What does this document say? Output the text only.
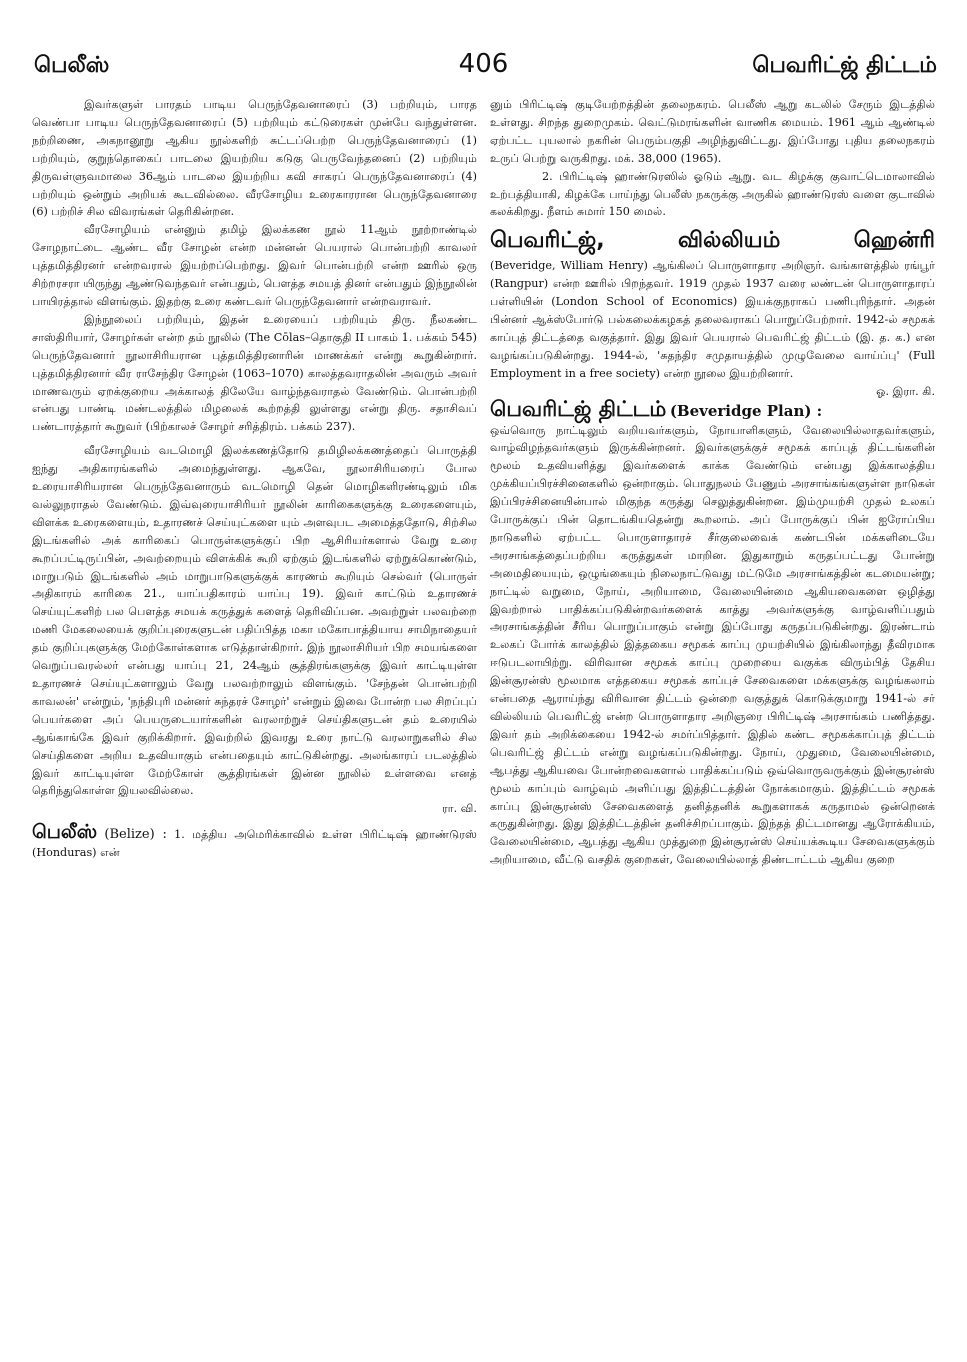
பெலீஸ்	406	பெவரிட்ஜ் திட்டம்

இவர்களுள் பாரதம் பாடிய பெருந்தேவனாரைப் (3) பற்றியும், பாரத வெண்பா பாடிய பெருந்தேவனாரைப் (5) பற்றியும் கட்டுரைகள் முன்பே வந்துள்ளன. நற்றிணை, அகநானூறு ஆகிய நூல்களிற் சுட்டப்பெற்ற பெருந்தேவனாரைப் (1) பற்றியும், குறுந்தொகைப் பாடலை இயற்றிய கடுகு பெருவேந்தனைப் (2) பற்றியும் திருவள்ளுவமாலை 36ஆம் பாடலை இயற்றிய கவி சாகரப் பெருந்தேவனாரைப் (4) பற்றியும் ஒன்றும் அறியக் கூடவில்லை. வீரசோழிய உரைகாரரான பெருந்தேவனாரை (6) பற்றிச் சில விவரங்கள் தெரிகின்றன.

வீரசோழியம் என்னும் தமிழ் இலக்கண நூல் 11ஆம் நூற்றாண்டில் சோழநாட்டை ஆண்ட வீர சோழன் என்ற மன்னன் பெயரால் பொன்பற்றி காவலர் புத்தமித்திரனர் என்றவரால் இயற்றப்பெற்றது. இவர் பொன்பற்றி என்ற ஊரில் ஒரு சிற்றரசரா யிருந்து ஆண்டுவந்தவர் என்பதும், பௌத்த சமயத் தினர் என்பதும் இந்நூலின் பாயிரத்தால் விளங்கும். இதற்கு உரை கண்டவர் பெருந்தேவனார் என்றவராவர்.

இந்நூலைப் பற்றியும், இதன் உரையைப் பற்றியும் திரு. நீலகண்ட சாஸ்திரியார், சோழர்கள் என்ற தம் நூலில் (The Cōlas–தொகுதி II பாகம் 1. பக்கம் 545) பெருந்தேவனார் நூலாசிரியரான புத்தமித்திரனாரின் மாணக்கர் என்று கூறுகின்றார். புத்தமித்திரனார் வீர ராசேந்திர சோழன் (1063–1070) காலத்தவராதலின் அவரும் அவர் மாணவரும் ஏறக்குறைய அக்காலத் திலேயே வாழ்ந்தவராதல் வேண்டும். பொன்பற்றி என்பது பாண்டி மண்டலத்தில் மிழலைக் கூற்றத்தி லுள்ளது என்று திரு. சதாசிவப் பண்டாரத்தார் கூறுவர் (பிற்காலச் சோழர் சரித்திரம். பக்கம் 237).

வீரசோழியம் வடமொழி இலக்கணத்தோடு தமிழிலக்கணத்தைப் பொருத்தி ஐந்து அதிகாரங்களில் அமைந்துள்ளது. ஆகவே, நூலாசிரியரைப் போல உரையாசிரியரான பெருந்தேவனாரும் வடமொழி தென் மொழிகளிரண்டிலும் மிக வல்லுநராதல் வேண்டும். இவ்வுரையாசிரியர் நூலின் காரிகைகளுக்கு உரைகளையும், விளக்க உரைகளையும், உதாரணச் செய்யுட்களை யும் அளவுபட அமைத்ததோடு, சிற்சில இடங்களில் அக் காரிகைப் பொருள்களுக்குப் பிற ஆசிரியர்களால் வேறு உரை கூறப்பட்டிருப்பின், அவற்றையும் விளக்கிக் கூறி ஏற்கும் இடங்களில் ஏற்றுக்கொண்டும், மாறுபடும் இடங்களில் அம் மாறுபாடுகளுக்குக் காரணம் கூறியும் செல்வர் (பொருள் அதிகாரம் காரிகை 21., யாப்பதிகாரம் யாப்பு 19). இவர் காட்டும் உதாரணச் செய்யுட்களிற் பல பௌத்த சமயக் கருத்துக் களைத் தெரிவிப்பன. அவற்றுள் பலவற்றை மணி மேகலையைக் குறிப்புரைகளுடன் பதிப்பித்த மகா மகோபாத்தியாய சாமிநாதையர் தம் குறிப்புகளுக்கு மேற்கோள்களாக எடுத்தாள்கிறார். இந் நூலாசிரியர் பிற சமயங்களை வெறுப்பவரல்லர் என்பது யாப்பு 21, 24ஆம் சூத்திரங்களுக்கு இவர் காட்டியுள்ள உதாரணச் செய்யுட்களாலும் வேறு பலவற்றாலும் விளங்கும். 'சேந்தன் பொன்பற்றி காவலன்' என்றும், 'நந்திபுரி மன்னர் சுந்தரச் சோழர்' என்றும் இவை போன்ற பல சிறப்புப் பெயர்களை அப் பெயருடையார்களின் வரலாற்றுச் செய்திகளுடன் தம் உரையில் ஆங்காங்கே இவர் குறிக்கிறார். இவற்றில் இவரது உரை நாட்டு வரலாறுகளில் சில செய்திகளை அறிய உதவியாகும் என்பதையும் காட்டுகின்றது. அலங்காரப் படலத்தில் இவர் காட்டியுள்ள மேற்கோள் சூத்திரங்கள் இன்ன நூலில் உள்ளவை எனத் தெரிந்துகொள்ள இயலவில்லை.

ரா. வி.

பெலீஸ் (Belize) : 1. மத்திய அமெரிக்காவில் உள்ள பிரிட்டிஷ் ஹாண்டுரஸ் (Honduras) என்

னும் பிரிட்டிஷ் குடியேற்றத்தின் தலைநகரம். பெலீஸ் ஆறு கடலில் சேரும் இடத்தில் உள்ளது. சிறந்த துறைமுகம். வெட்டுமரங்களின் வாணிக மையம். 1961 ஆம் ஆண்டில் ஏற்பட்ட புயலால் நகரின் பெரும்பகுதி அழிந்துவிட்டது. இப்போது புதிய தலைநகரம் உருப் பெற்று வருகிறது. மக். 38,000 (1965).

2. பிரிட்டிஷ் ஹாண்டுரஸில் ஓடும் ஆறு. வட கிழக்கு குவாட்டெமாலாவில் உற்பத்தியாகி, கிழக்கே பாய்ந்து பெலீஸ் நகருக்கு அருகில் ஹாண்டுரஸ் வளை குடாவில் கலக்கிறது. நீளம் சுமார் 150 மைல்.

பெவரிட்ஜ்,	ஹென்ரி
வில்லியம்

(Beveridge, William Henry) ஆங்கிலப் பொருளாதார அறிஞர். வங்காளத்தில் ரங்பூர் (Rangpur) என்ற ஊரில் பிறந்தவர். 1919 முதல் 1937 வரை லண்டன் பொருளாதாரப் பள்ளியின் (London School of Economics) இயக்குநராகப் பணிபுரிந்தார். அதன் பின்னர் ஆக்ஸ்போர்டு பல்கலைக்கழகத் தலைவராகப் பொறுப்பேற்றார். 1942-ல் சமூகக் காப்புத் திட்டத்தை வகுத்தார். இது இவர் பெயரால் பெவரிட்ஜ் திட்டம் (இ. த. க.) என வழங்கப்படுகின்றது. 1944-ல், 'சுதந்திர சமுதாயத்தில் முழுவேலை வாய்ப்பு' (Full Employment in a free society) என்ற நூலை இயற்றினார்.

ஓ. இரா. கி.

பெவரிட்ஜ் திட்டம் (Beveridge Plan) :

ஒவ்வொரு நாட்டிலும் வறியவர்களும், நோயாளிகளும், வேலையில்லாதவர்களும், வாழ்விழந்தவர்களும் இருக்கின்றனர். இவர்களுக்குச் சமூகக் காப்புத் திட்டங்களின் மூலம் உதவியளித்து இவர்களைக் காக்க வேண்டும் என்பது இக்காலத்திய முக்கியப்பிரச்சினைகளில் ஒன்றாகும். பொதுநலம் பேணும் அரசாங்கங்களுள்ள நாடுகள் இப்பிரச்சினையின்பால் மிகுந்த கருத்து செலுத்துகின்றன. இம்முயற்சி முதல் உலகப் போருக்குப் பின் தொடங்கியதென்று கூறலாம். அப் போருக்குப் பின் ஐரோப்பிய நாடுகளில் ஏற்பட்ட பொருளாதாரச் சீர்குலைவைக் கண்டபின் மக்களிடையே அரசாங்கத்தைப்பற்றிய கருத்துகள் மாறின. இதுகாறும் கருதப்பட்டது போன்று அமைதியையும், ஒழுங்கையும் நிலைநாட்டுவது மட்டுமே அரசாங்கத்தின் கடமையன்று; நாட்டில் வறுமை, நோய், அறியாமை, வேலையின்மை ஆகியவைகளை ஒழித்து இவற்றால் பாதிக்கப்படுகின்றவர்களைக் காத்து அவர்களுக்கு வாழ்வளிப்பதும் அரசாங்கத்தின் சீரிய பொறுப்பாகும் என்று இப்போது கருதப்படுகின்றது. இரண்டாம் உலகப் போர்க் காலத்தில் இத்தகைய சமூகக் காப்பு முயற்சியில் இங்கிலாந்து தீவிரமாக ஈடுபடலாயிற்று. விரிவான சமூகக் காப்பு முறையை வகுக்க விரும்பித் தேசிய இன்சூரன்ஸ் மூலமாக எத்தகைய சமூகக் காப்புச் சேவைகளை மக்களுக்கு வழங்கலாம் என்பதை ஆராய்ந்து விரிவான திட்டம் ஒன்றை வகுத்துக் கொடுக்குமாறு 1941-ல் சர் வில்லியம் பெவரிட்ஜ் என்ற பொருளாதார அறிஞரை பிரிட்டிஷ் அரசாங்கம் பணித்தது. இவர் தம் அறிக்கையை 1942-ல் சமர்ப்பித்தார். இதில் கண்ட சமூகக்காப்புத் திட்டம் பெவரிட்ஜ் திட்டம் என்று வழங்கப்படுகின்றது. நோய், முதுமை, வேலையின்மை, ஆபத்து ஆகியவை போன்றவைகளால் பாதிக்கப்படும் ஒவ்வொருவருக்கும் இன்சூரன்ஸ் மூலம் காப்பும் வாழ்வும் அளிப்பது இத்திட்டத்தின் நோக்கமாகும். இத்திட்டம் சமூகக் காப்பு இன்சூரன்ஸ் சேவைகளைத் தனித்தனிக் கூறுகளாகக் கருதாமல் ஒன்றெனக் கருதுகின்றது. இது இத்திட்டத்தின் தனிச்சிறப்பாகும். இந்தத் திட்டமானது ஆரோக்கியம், வேலையின்மை, ஆபத்து ஆகிய முத்துறை இன்சூரன்ஸ் செய்யக்கூடிய சேவைகளுக்கும் அறியாமை, வீட்டு வசதிக் குறைகள், வேலையில்லாத் திண்டாட்டம் ஆகிய குறை
